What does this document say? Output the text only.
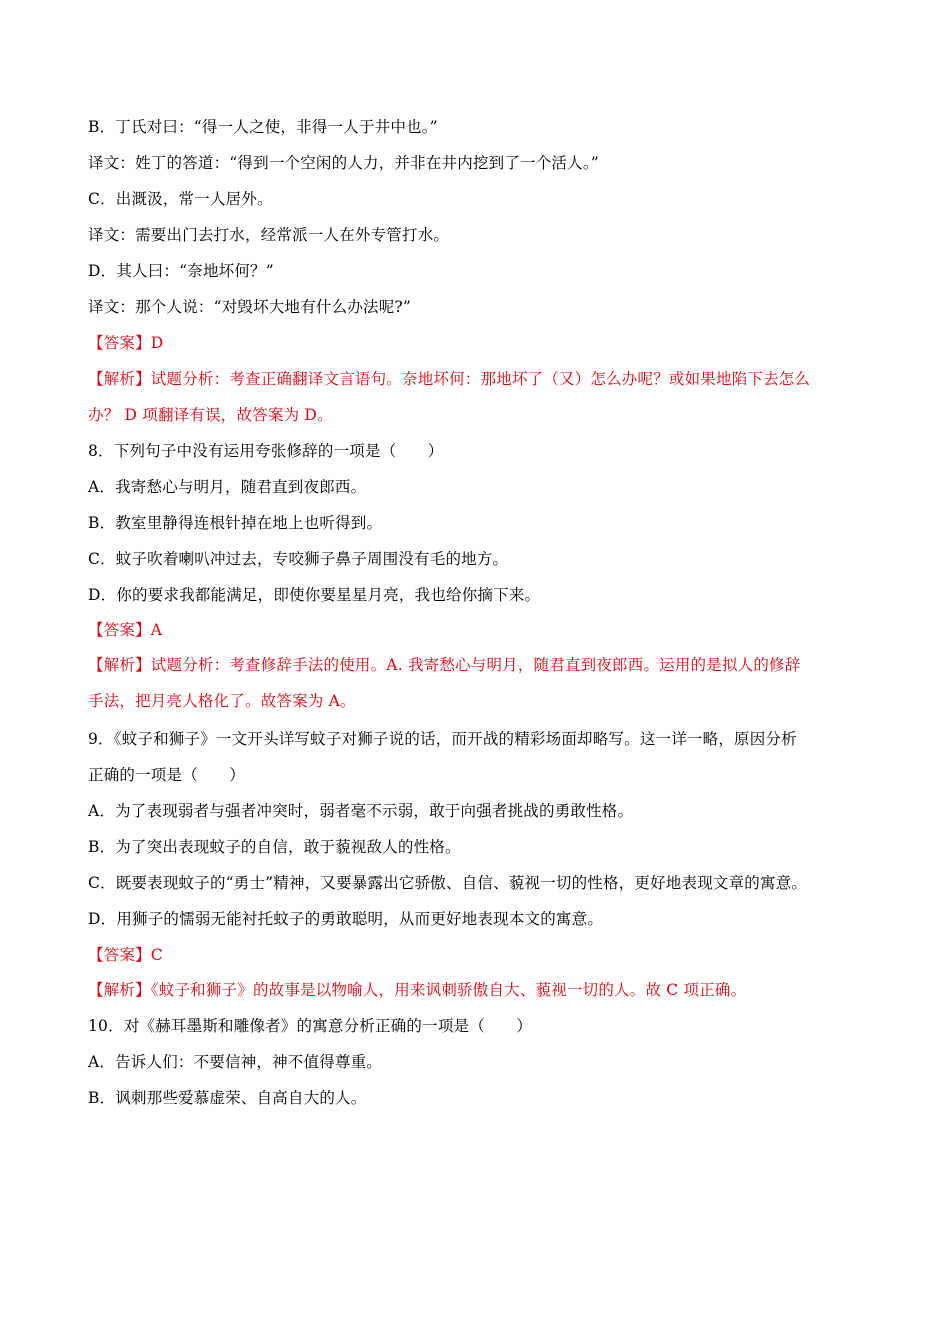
B．丁氏对曰：“得一人之使，非得一人于井中也。”
译文：姓丁的答道：“得到一个空闲的人力，并非在井内挖到了一个活人。”
C．出溉汲，常一人居外。
译文：需要出门去打水，经常派一人在外专管打水。
D．其人曰：“奈地坏何？”
译文：那个人说：“对毁坏大地有什么办法呢?”
【答案】D
【解析】试题分析：考查正确翻译文言语句。奈地坏何：那地坏了（又）怎么办呢？或如果地陷下去怎么
办？ D 项翻译有误，故答案为 D。
8．下列句子中没有运用夸张修辞的一项是（　　）
A．我寄愁心与明月，随君直到夜郎西。
B．教室里静得连根针掉在地上也听得到。
C．蚊子吹着喇叭冲过去，专咬狮子鼻子周围没有毛的地方。
D．你的要求我都能满足，即使你要星星月亮，我也给你摘下来。
【答案】A
【解析】试题分析：考查修辞手法的使用。A. 我寄愁心与明月，随君直到夜郎西。运用的是拟人的修辞
手法，把月亮人格化了。故答案为 A。
9．《蚊子和狮子》一文开头详写蚊子对狮子说的话，而开战的精彩场面却略写。这一详一略，原因分析
正确的一项是（　　）
A．为了表现弱者与强者冲突时，弱者毫不示弱，敢于向强者挑战的勇敢性格。
B．为了突出表现蚊子的自信，敢于藐视敌人的性格。
C．既要表现蚊子的“勇士”精神，又要暴露出它骄傲、自信、藐视一切的性格，更好地表现文章的寓意。
D．用狮子的懦弱无能衬托蚊子的勇敢聪明，从而更好地表现本文的寓意。
【答案】C
【解析】《蚊子和狮子》的故事是以物喻人，用来讽刺骄傲自大、藐视一切的人。故 C 项正确。
10．对《赫耳墨斯和雕像者》的寓意分析正确的一项是（　　）
A．告诉人们：不要信神，神不值得尊重。
B．讽刺那些爱慕虚荣、自高自大的人。
